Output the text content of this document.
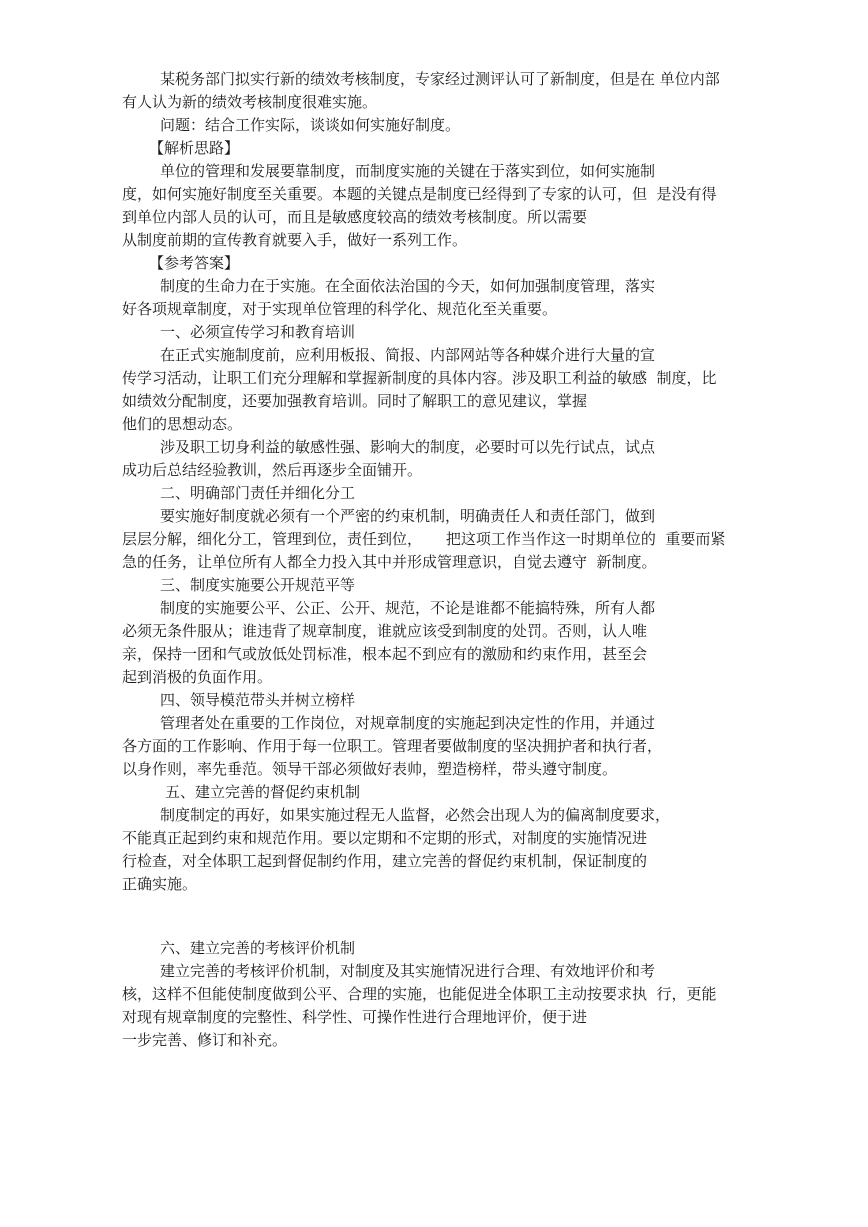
某税务部门拟实行新的绩效考核制度，专家经过测评认可了新制度，但是在 单位内部
有人认为新的绩效考核制度很难实施。
问题：结合工作实际，谈谈如何实施好制度。
【解析思路】
单位的管理和发展要靠制度，而制度实施的关键在于落实到位，如何实施制
度，如何实施好制度至关重要。本题的关键点是制度已经得到了专家的认可，但  是没有得
到单位内部人员的认可，而且是敏感度较高的绩效考核制度。所以需要
从制度前期的宣传教育就要入手，做好一系列工作。
【参考答案】
制度的生命力在于实施。在全面依法治国的今天，如何加强制度管理，落实
好各项规章制度，对于实现单位管理的科学化、规范化至关重要。
一、必须宣传学习和教育培训
在正式实施制度前，应利用板报、简报、内部网站等各种媒介进行大量的宣
传学习活动，让职工们充分理解和掌握新制度的具体内容。涉及职工利益的敏感  制度，比
如绩效分配制度，还要加强教育培训。同时了解职工的意见建议，掌握
他们的思想动态。
涉及职工切身利益的敏感性强、影响大的制度，必要时可以先行试点，试点
成功后总结经验教训，然后再逐步全面铺开。
二、明确部门责任并细化分工
要实施好制度就必须有一个严密的约束机制，明确责任人和责任部门，做到
层层分解，细化分工，管理到位，责任到位，     把这项工作当作这一时期单位的  重要而紧
急的任务，让单位所有人都全力投入其中并形成管理意识，自觉去遵守  新制度。
三、制度实施要公开规范平等
制度的实施要公平、公正、公开、规范，不论是谁都不能搞特殊，所有人都
必须无条件服从；谁违背了规章制度，谁就应该受到制度的处罚。否则，认人唯
亲，保持一团和气或放低处罚标准，根本起不到应有的激励和约束作用，甚至会
起到消极的负面作用。
四、领导模范带头并树立榜样
管理者处在重要的工作岗位，对规章制度的实施起到决定性的作用，并通过
各方面的工作影响、作用于每一位职工。管理者要做制度的坚决拥护者和执行者，
以身作则，率先垂范。领导干部必须做好表帅，塑造榜样，带头遵守制度。
五、建立完善的督促约束机制
制度制定的再好，如果实施过程无人监督，必然会出现人为的偏离制度要求，
不能真正起到约束和规范作用。要以定期和不定期的形式，对制度的实施情况进
行检查，对全体职工起到督促制约作用，建立完善的督促约束机制，保证制度的
正确实施。
六、建立完善的考核评价机制
建立完善的考核评价机制，对制度及其实施情况进行合理、有效地评价和考
核，这样不但能使制度做到公平、合理的实施，也能促进全体职工主动按要求执  行，更能
对现有规章制度的完整性、科学性、可操作性进行合理地评价，便于进
一步完善、修订和补充。
